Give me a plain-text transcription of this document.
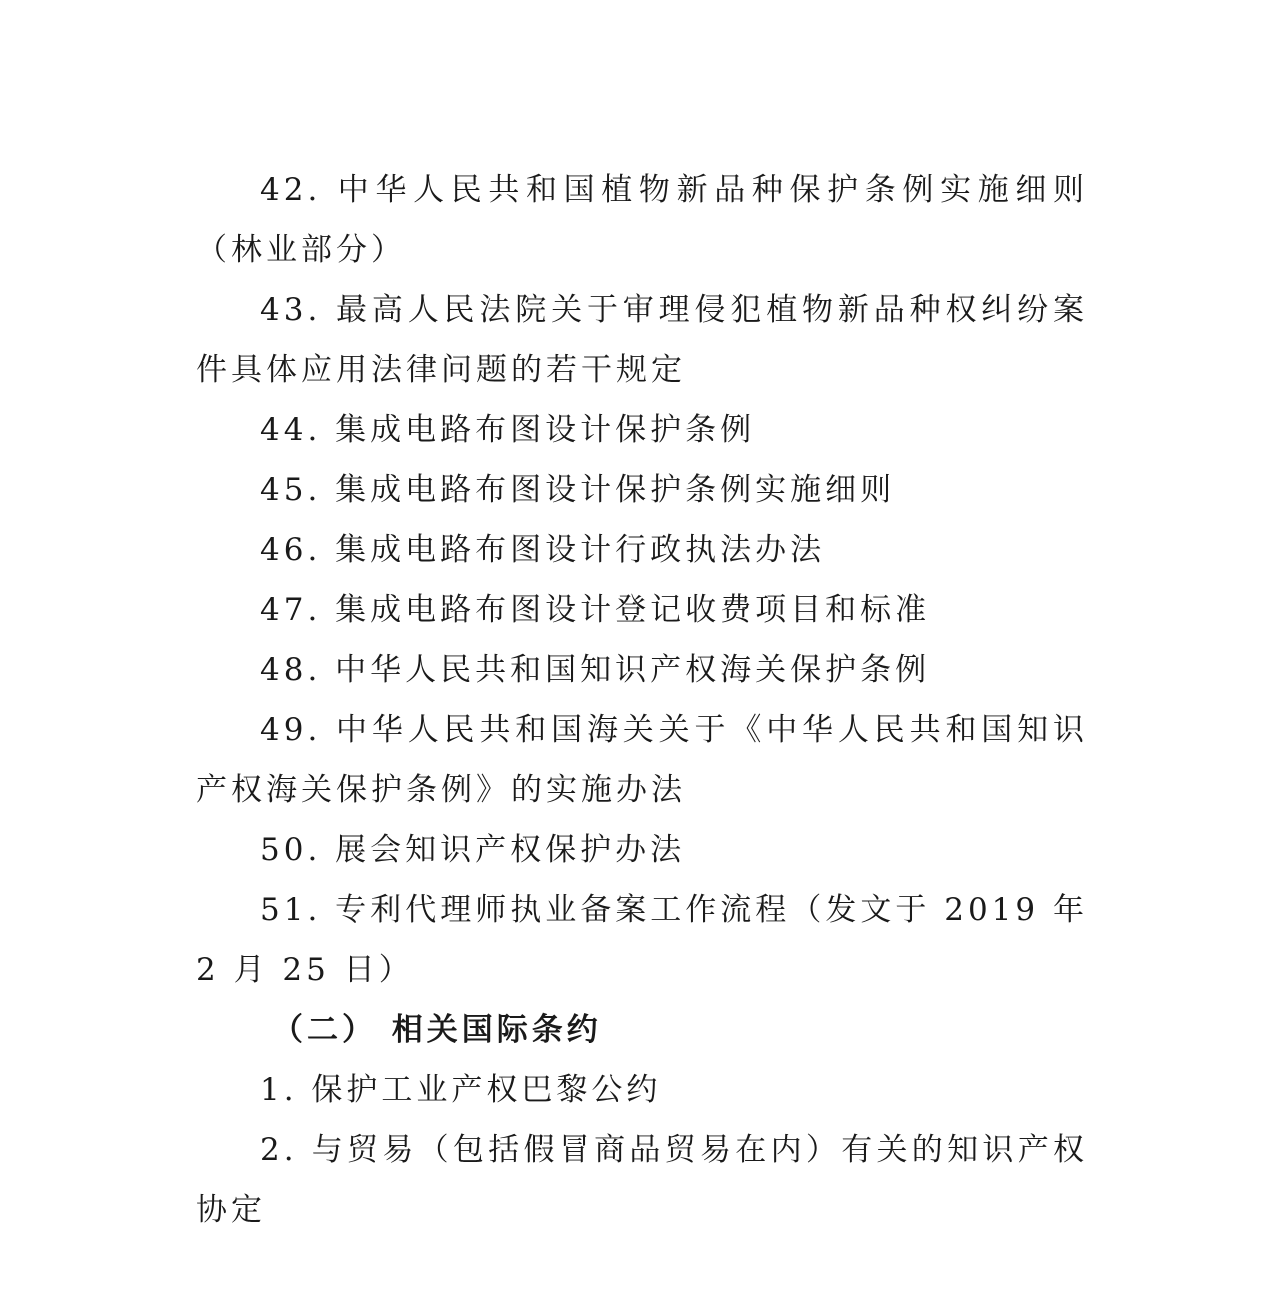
42. 中华人民共和国植物新品种保护条例实施细则（林业部分）

43. 最高人民法院关于审理侵犯植物新品种权纠纷案件具体应用法律问题的若干规定

44. 集成电路布图设计保护条例

45. 集成电路布图设计保护条例实施细则

46. 集成电路布图设计行政执法办法

47. 集成电路布图设计登记收费项目和标准

48. 中华人民共和国知识产权海关保护条例

49. 中华人民共和国海关关于《中华人民共和国知识产权海关保护条例》的实施办法

50. 展会知识产权保护办法

51. 专利代理师执业备案工作流程（发文于 2019 年 2 月 25 日）

（二） 相关国际条约

1. 保护工业产权巴黎公约

2. 与贸易（包括假冒商品贸易在内）有关的知识产权协定
